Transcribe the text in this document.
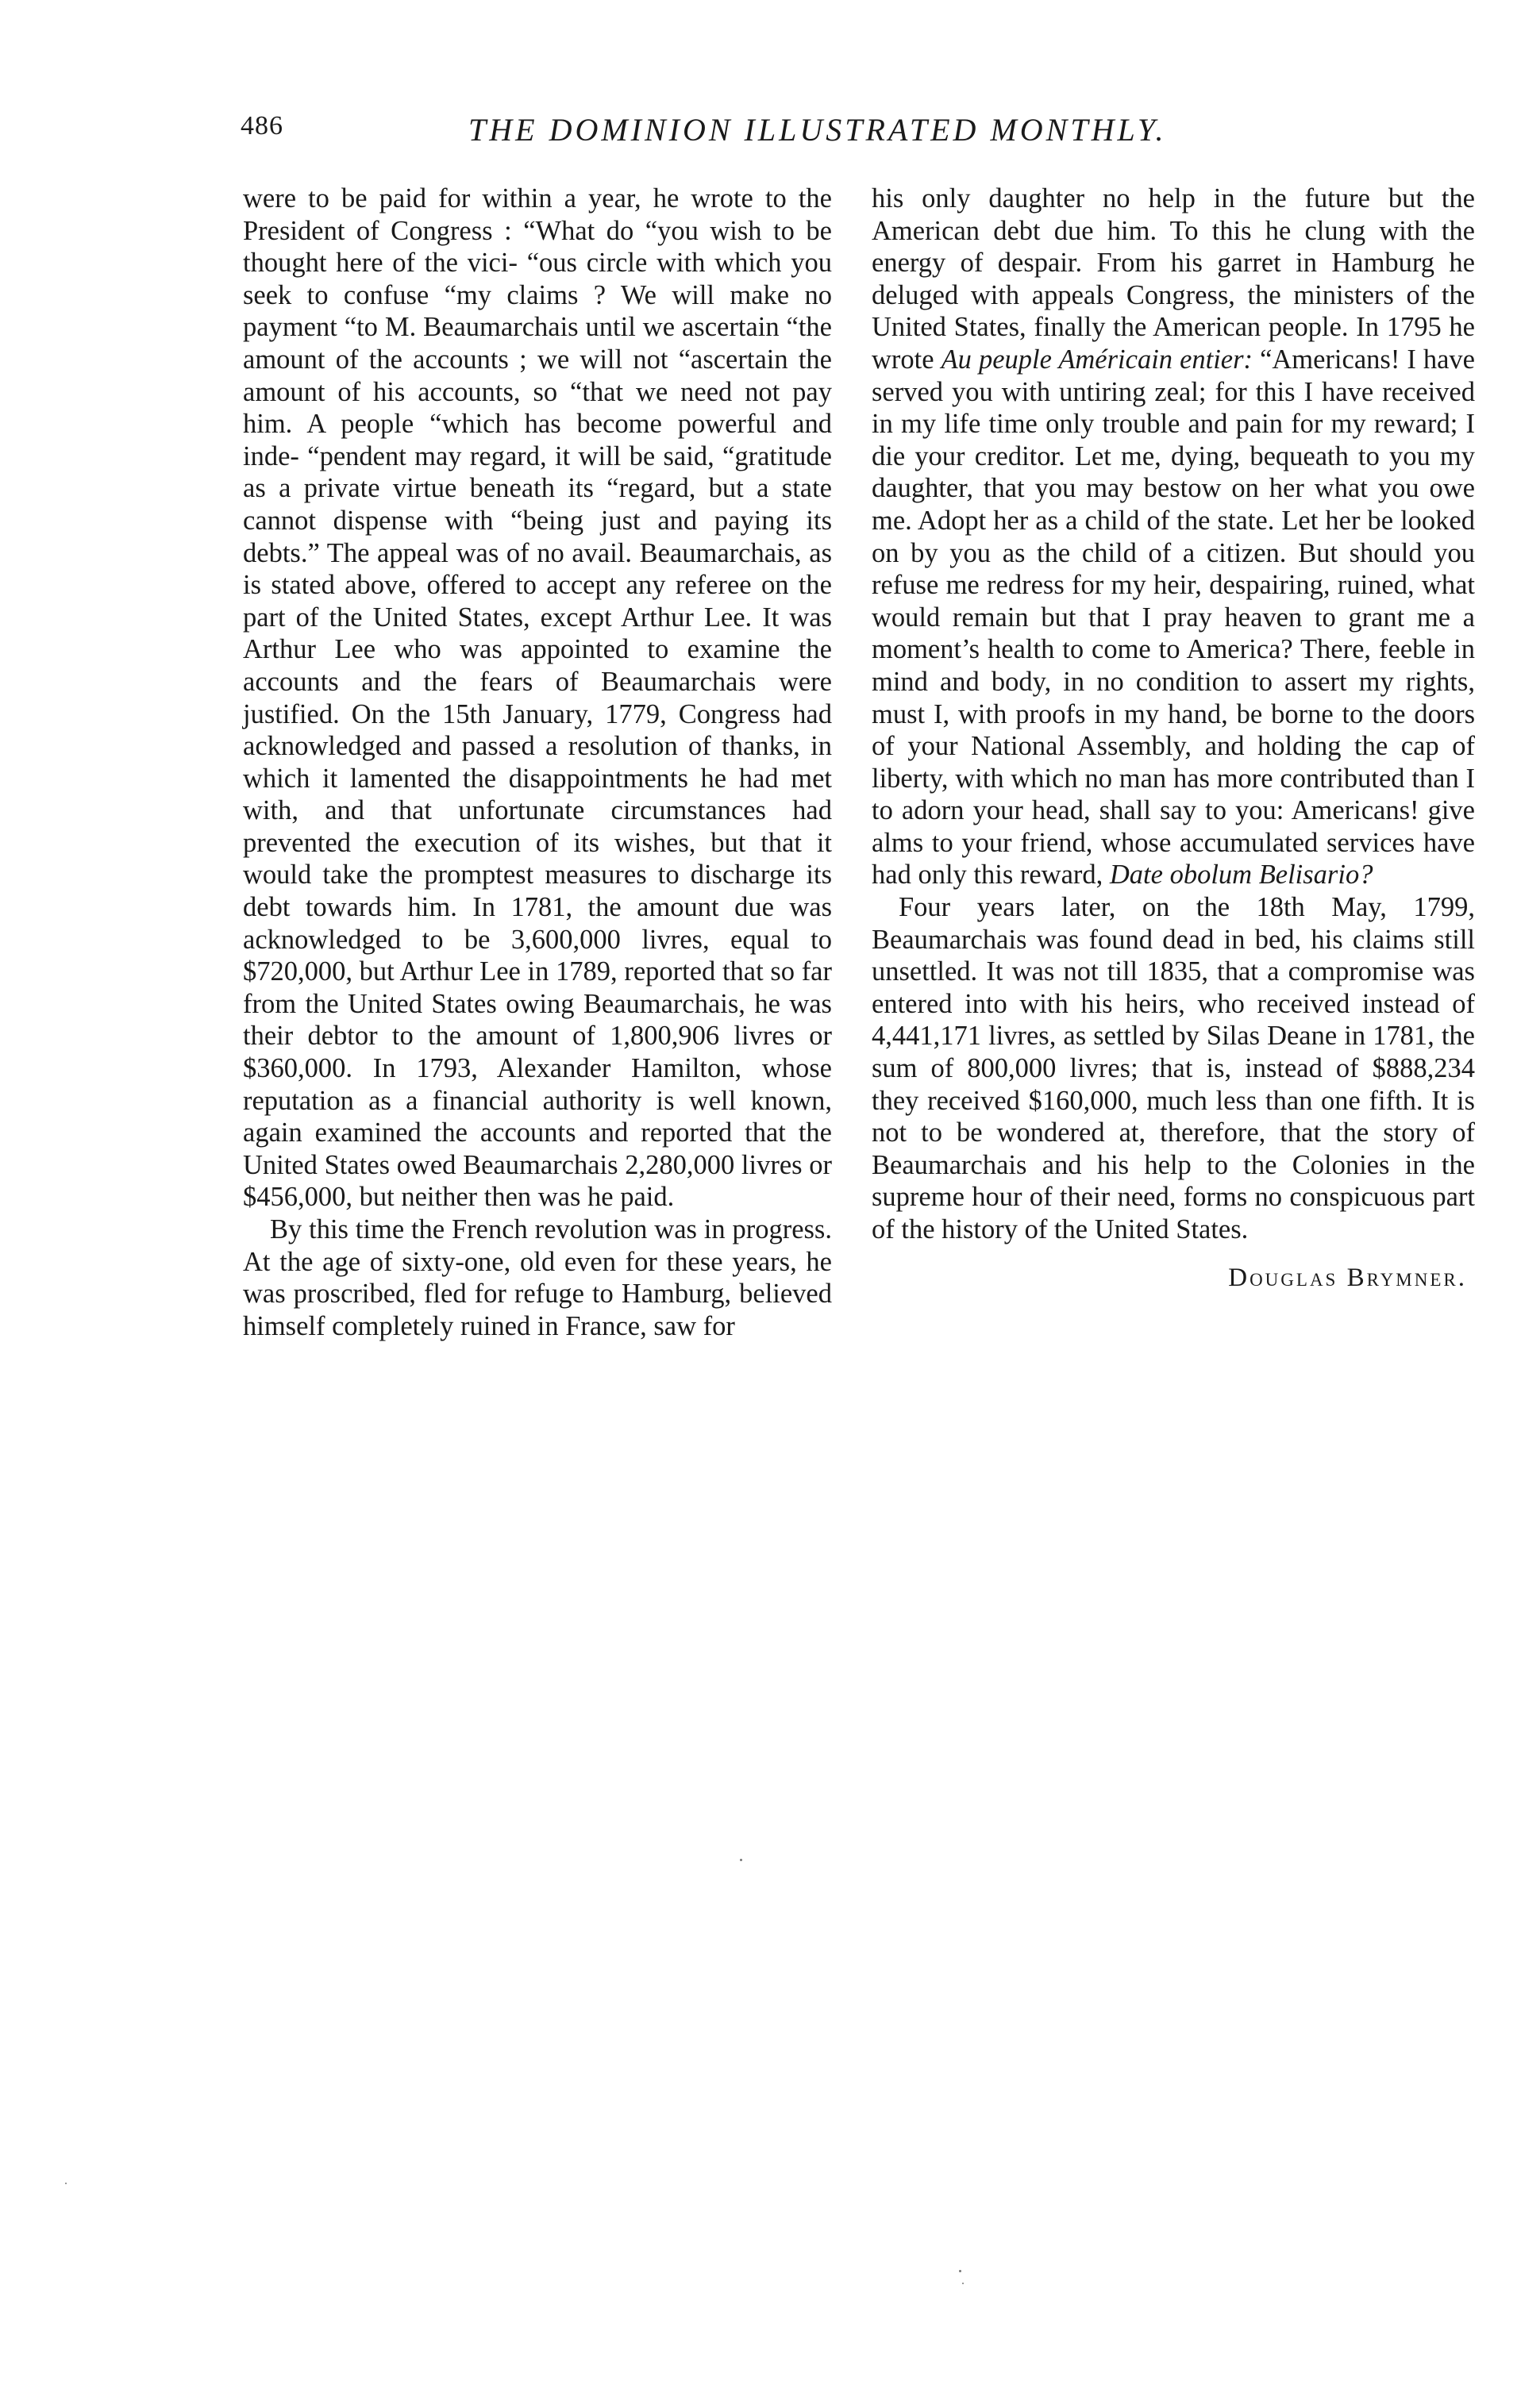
486	THE DOMINION ILLUSTRATED MONTHLY.

were to be paid for within a year, he wrote to the President of Congress : “What do “you wish to be thought here of the vici- “ous circle with which you seek to confuse “my claims ? We will make no payment “to M. Beaumarchais until we ascertain “the amount of the accounts ; we will not “ascertain the amount of his accounts, so “that we need not pay him. A people “which has become powerful and inde- “pendent may regard, it will be said, “gratitude as a private virtue beneath its “regard, but a state cannot dispense with “being just and paying its debts.” The appeal was of no avail. Beaumarchais, as is stated above, offered to accept any referee on the part of the United States, except Arthur Lee. It was Arthur Lee who was appointed to examine the accounts and the fears of Beaumarchais were justified. On the 15th January, 1779, Congress had acknowledged and passed a resolution of thanks, in which it lamented the disappointments he had met with, and that unfortunate circumstances had prevented the execution of its wishes, but that it would take the promptest measures to discharge its debt towards him. In 1781, the amount due was acknowledged to be 3,600,000 livres, equal to $720,000, but Arthur Lee in 1789, reported that so far from the United States owing Beaumarchais, he was their debtor to the amount of 1,800,906 livres or $360,000. In 1793, Alexander Hamilton, whose reputation as a financial authority is well known, again examined the accounts and reported that the United States owed Beaumarchais 2,280,000 livres or $456,000, but neither then was he paid.

By this time the French revolution was in progress. At the age of sixty-one, old even for these years, he was proscribed, fled for refuge to Hamburg, believed himself completely ruined in France, saw for

his only daughter no help in the future but the American debt due him. To this he clung with the energy of despair. From his garret in Hamburg he deluged with appeals Congress, the ministers of the United States, finally the American people. In 1795 he wrote Au peuple Américain entier: “Americans! I have served you with untiring zeal; for this I have received in my life time only trouble and pain for my reward; I die your creditor. Let me, dying, bequeath to you my daughter, that you may bestow on her what you owe me. Adopt her as a child of the state. Let her be looked on by you as the child of a citizen. But should you refuse me redress for my heir, despairing, ruined, what would remain but that I pray heaven to grant me a moment’s health to come to America? There, feeble in mind and body, in no condition to assert my rights, must I, with proofs in my hand, be borne to the doors of your National Assembly, and holding the cap of liberty, with which no man has more contributed than I to adorn your head, shall say to you: Americans! give alms to your friend, whose accumulated services have had only this reward, Date obolum Belisario?

Four years later, on the 18th May, 1799, Beaumarchais was found dead in bed, his claims still unsettled. It was not till 1835, that a compromise was entered into with his heirs, who received instead of 4,441,171 livres, as settled by Silas Deane in 1781, the sum of 800,000 livres; that is, instead of $888,234 they received $160,000, much less than one fifth. It is not to be wondered at, therefore, that the story of Beaumarchais and his help to the Colonies in the supreme hour of their need, forms no conspicuous part of the history of the United States.

Douglas Brymner.
